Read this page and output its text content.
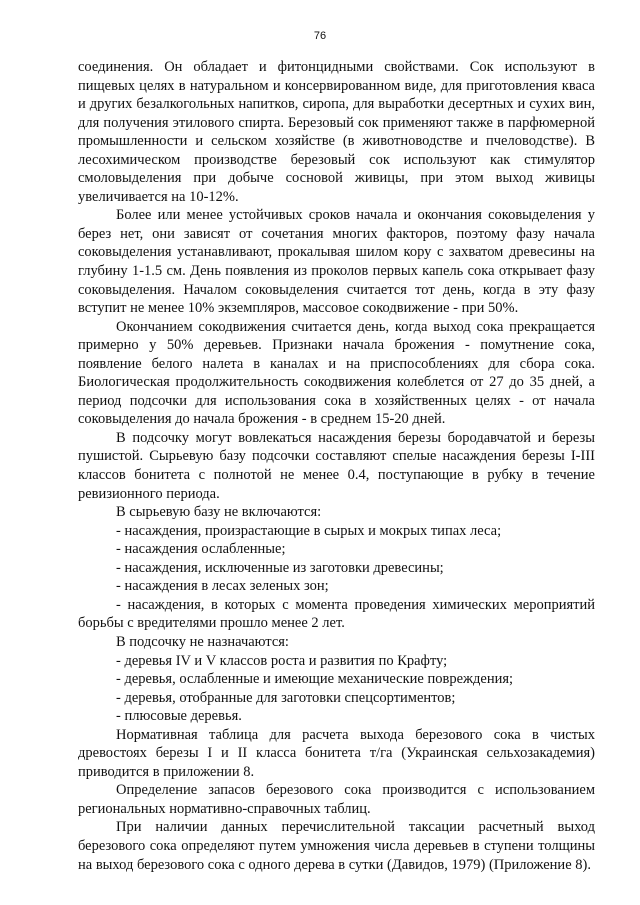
76

соединения. Он обладает и фитонцидными свойствами. Сок используют в пищевых целях в натуральном и консервированном виде, для приготовления кваса и других безалкогольных напитков, сиропа, для выработки десертных и сухих вин, для получения этилового спирта. Березовый сок применяют также в парфюмерной промышленности и сельском хозяйстве (в животноводстве и пчеловодстве). В лесохимическом производстве березовый сок используют как стимулятор смоловыделения при добыче сосновой живицы, при этом выход живицы увеличивается на 10-12%.

Более или менее устойчивых сроков начала и окончания соковыделения у берез нет, они зависят от сочетания многих факторов, поэтому фазу начала соковыделения устанавливают, прокалывая шилом кору с захватом древесины на глубину 1-1.5 см. День появления из проколов первых капель сока открывает фазу соковыделения. Началом соковыделения считается тот день, когда в эту фазу вступит не менее 10% экземпляров, массовое сокодвижение - при 50%.

Окончанием сокодвижения считается день, когда выход сока прекращается примерно у 50% деревьев. Признаки начала брожения - помутнение сока, появление белого налета в каналах и на приспособлениях для сбора сока. Биологическая продолжительность сокодвижения колеблется от 27 до 35 дней, а период подсочки для использования сока в хозяйственных целях - от начала соковыделения до начала брожения - в среднем 15-20 дней.

В подсочку могут вовлекаться насаждения березы бородавчатой и березы пушистой. Сырьевую базу подсочки составляют спелые насаждения березы I-III классов бонитета с полнотой не менее 0.4, поступающие в рубку в течение ревизионного периода.

В сырьевую базу не включаются:

- насаждения, произрастающие в сырых и мокрых типах леса;

- насаждения ослабленные;

- насаждения, исключенные из заготовки древесины;

- насаждения в лесах зеленых зон;

- насаждения, в которых с момента проведения химических мероприятий борьбы с вредителями прошло менее 2 лет.

В подсочку не назначаются:

- деревья IV и V классов роста и развития по Крафту;

- деревья, ослабленные и имеющие механические повреждения;

- деревья, отобранные для заготовки спецсортиментов;

- плюсовые деревья.

Нормативная таблица для расчета выхода березового сока в чистых древостоях березы I и II класса бонитета т/га (Украинская сельхозакадемия) приводится в приложении 8.

Определение запасов березового сока производится с использованием региональных нормативно-справочных таблиц.

При наличии данных перечислительной таксации расчетный выход березового сока определяют путем умножения числа деревьев в ступени толщины на выход березового сока с одного дерева в сутки (Давидов, 1979) (Приложение 8).
